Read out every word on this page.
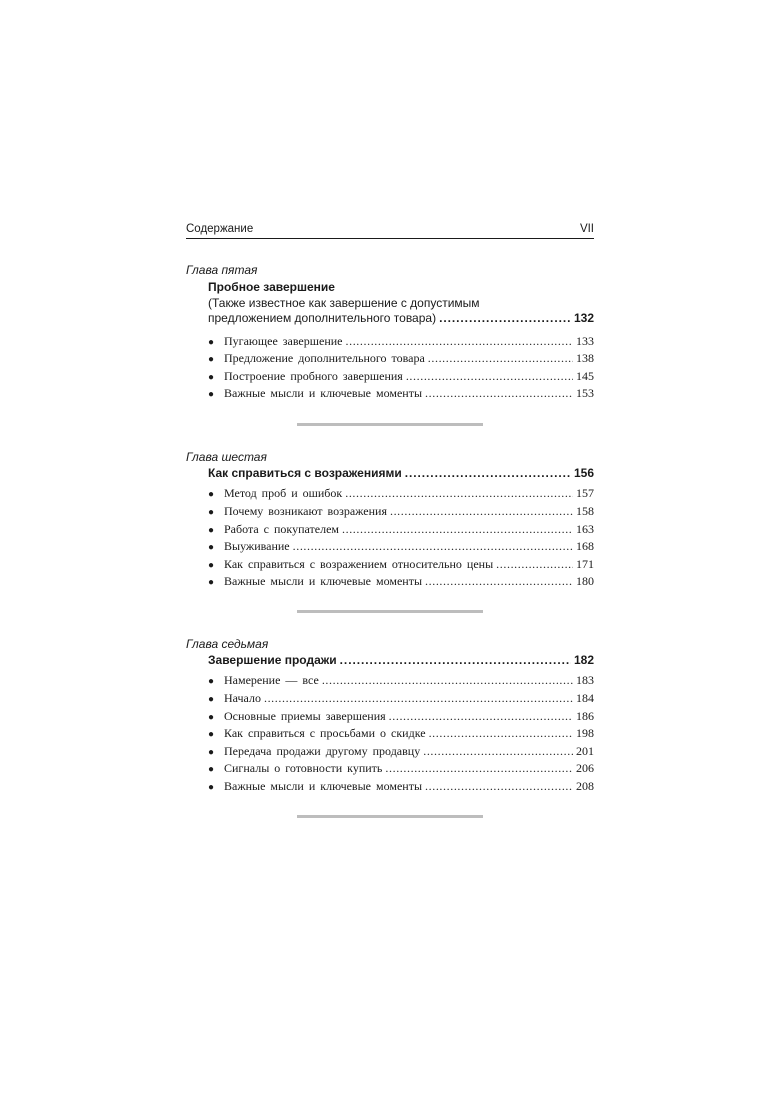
Содержание	VII
Глава пятая
Пробное завершение
(Также известное как завершение с допустимым
предложением дополнительного товара) . . .	132
● Пугающее завершение . . .	133
● Предложение дополнительного товара . . .	138
● Построение пробного завершения . . .	145
● Важные мысли и ключевые моменты . . .	153
Глава шестая
Как справиться с возражениями . . .	156
● Метод проб и ошибок . . .	157
● Почему возникают возражения . . .	158
● Работа с покупателем . . .	163
● Выуживание . . .	168
● Как справиться с возражением относительно цены . . .	171
● Важные мысли и ключевые моменты . . .	180
Глава седьмая
Завершение продажи . . .	182
● Намерение — все . . .	183
● Начало . . .	184
● Основные приемы завершения . . .	186
● Как справиться с просьбами о скидке . . .	198
● Передача продажи другому продавцу . . .	201
● Сигналы о готовности купить . . .	206
● Важные мысли и ключевые моменты . . .	208
